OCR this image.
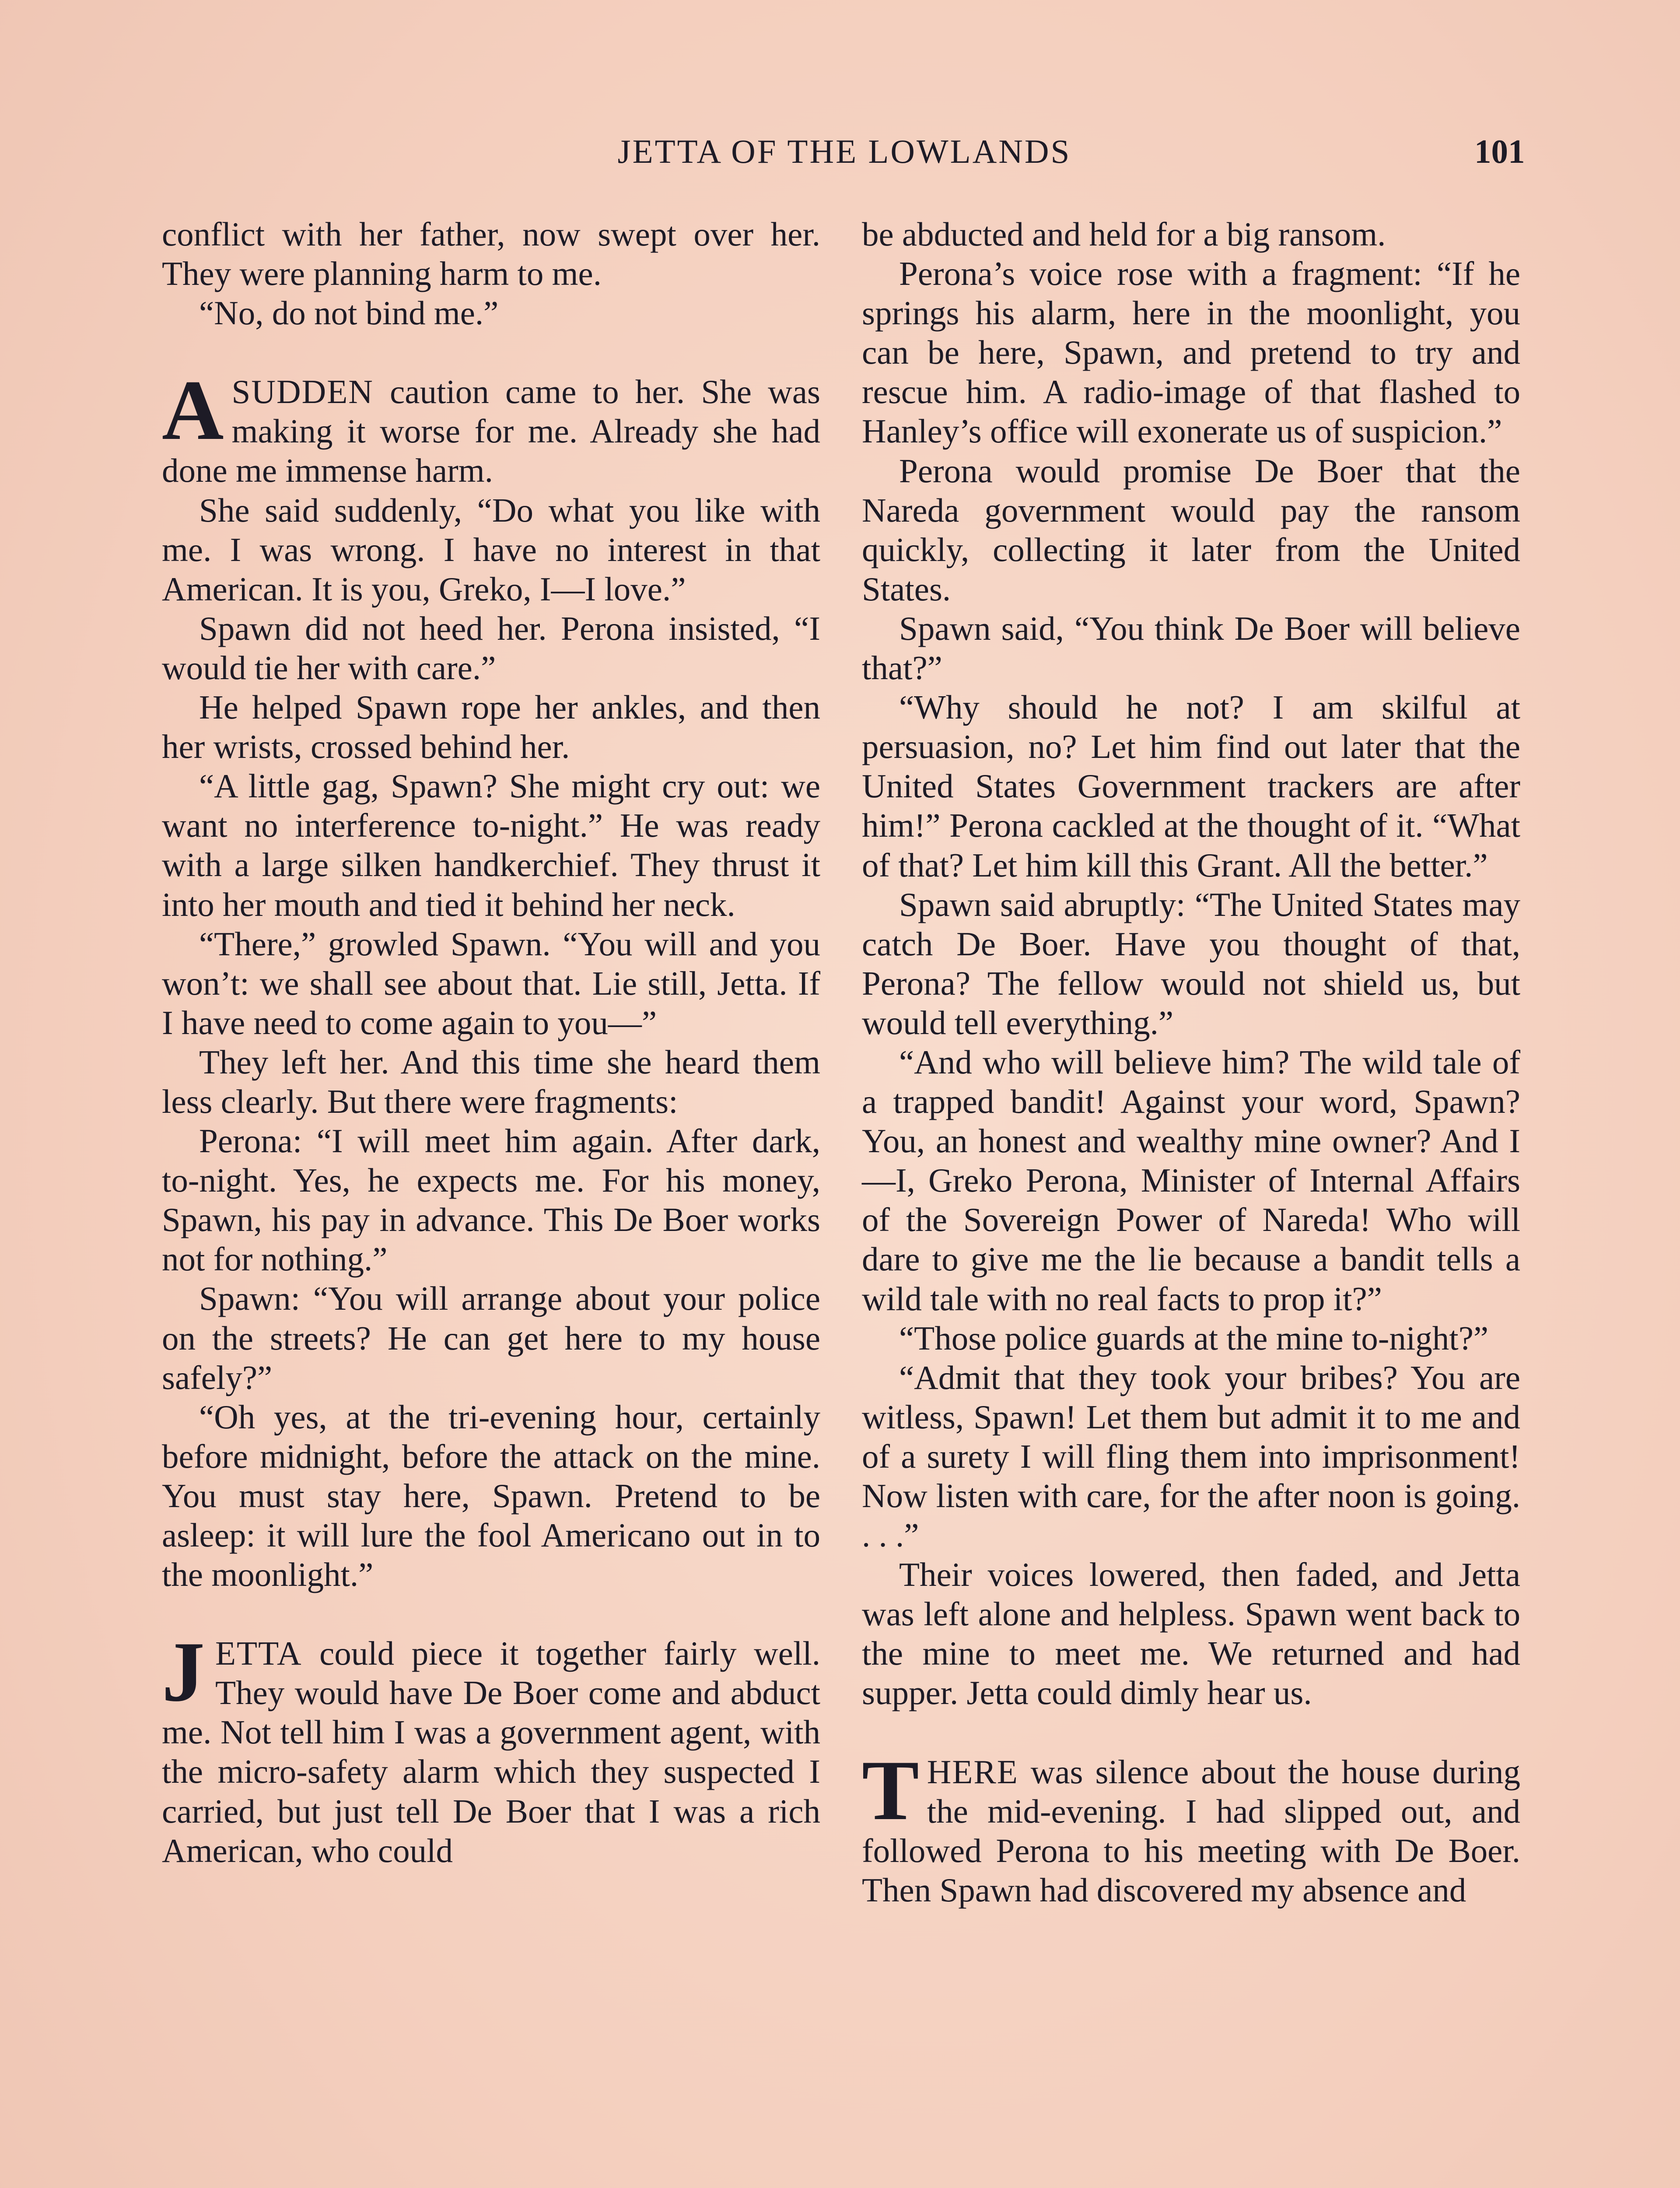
JETTA OF THE LOWLANDS	101

conflict with her father, now swept over her. They were planning harm to me.

“No, do not bind me.”

ASUDDEN caution came to her. She was making it worse for me. Already she had done me immense harm.

She said suddenly, “Do what you like with me. I was wrong. I have no interest in that American. It is you, Greko, I—I love.”

Spawn did not heed her. Perona insisted, “I would tie her with care.”

He helped Spawn rope her ankles, and then her wrists, crossed behind her.

“A little gag, Spawn? She might cry out: we want no interference to-night.” He was ready with a large silken handkerchief. They thrust it into her mouth and tied it behind her neck.

“There,” growled Spawn. “You will and you won’t: we shall see about that. Lie still, Jetta. If I have need to come again to you—”

They left her. And this time she heard them less clearly. But there were fragments:

Perona: “I will meet him again. After dark, to-night. Yes, he expects me. For his money, Spawn, his pay in advance. This De Boer works not for nothing.”

Spawn: “You will arrange about your police on the streets? He can get here to my house safely?”

“Oh yes, at the tri-evening hour, certainly before midnight, before the attack on the mine. You must stay here, Spawn. Pretend to be asleep: it will lure the fool Americano out in to the moonlight.”

JETTA could piece it together fairly well. They would have De Boer come and abduct me. Not tell him I was a government agent, with the micro-safety alarm which they suspected I carried, but just tell De Boer that I was a rich American, who could

be abducted and held for a big ransom.

Perona’s voice rose with a fragment: “If he springs his alarm, here in the moonlight, you can be here, Spawn, and pretend to try and rescue him. A radio-image of that flashed to Hanley’s office will exonerate us of suspicion.”

Perona would promise De Boer that the Nareda government would pay the ransom quickly, collecting it later from the United States.

Spawn said, “You think De Boer will believe that?”

“Why should he not? I am skilful at persuasion, no? Let him find out later that the United States Government trackers are after him!” Perona cackled at the thought of it. “What of that? Let him kill this Grant. All the better.”

Spawn said abruptly: “The United States may catch De Boer. Have you thought of that, Perona? The fellow would not shield us, but would tell everything.”

“And who will believe him? The wild tale of a trapped bandit! Against your word, Spawn? You, an honest and wealthy mine owner? And I—I, Greko Perona, Minister of Internal Affairs of the Sovereign Power of Nareda! Who will dare to give me the lie because a bandit tells a wild tale with no real facts to prop it?”

“Those police guards at the mine to-night?”

“Admit that they took your bribes? You are witless, Spawn! Let them but admit it to me and of a surety I will fling them into imprisonment! Now listen with care, for the after noon is going. . . .”

Their voices lowered, then faded, and Jetta was left alone and helpless. Spawn went back to the mine to meet me. We returned and had supper. Jetta could dimly hear us.

THERE was silence about the house during the mid-evening. I had slipped out, and followed Perona to his meeting with De Boer. Then Spawn had discovered my absence and
